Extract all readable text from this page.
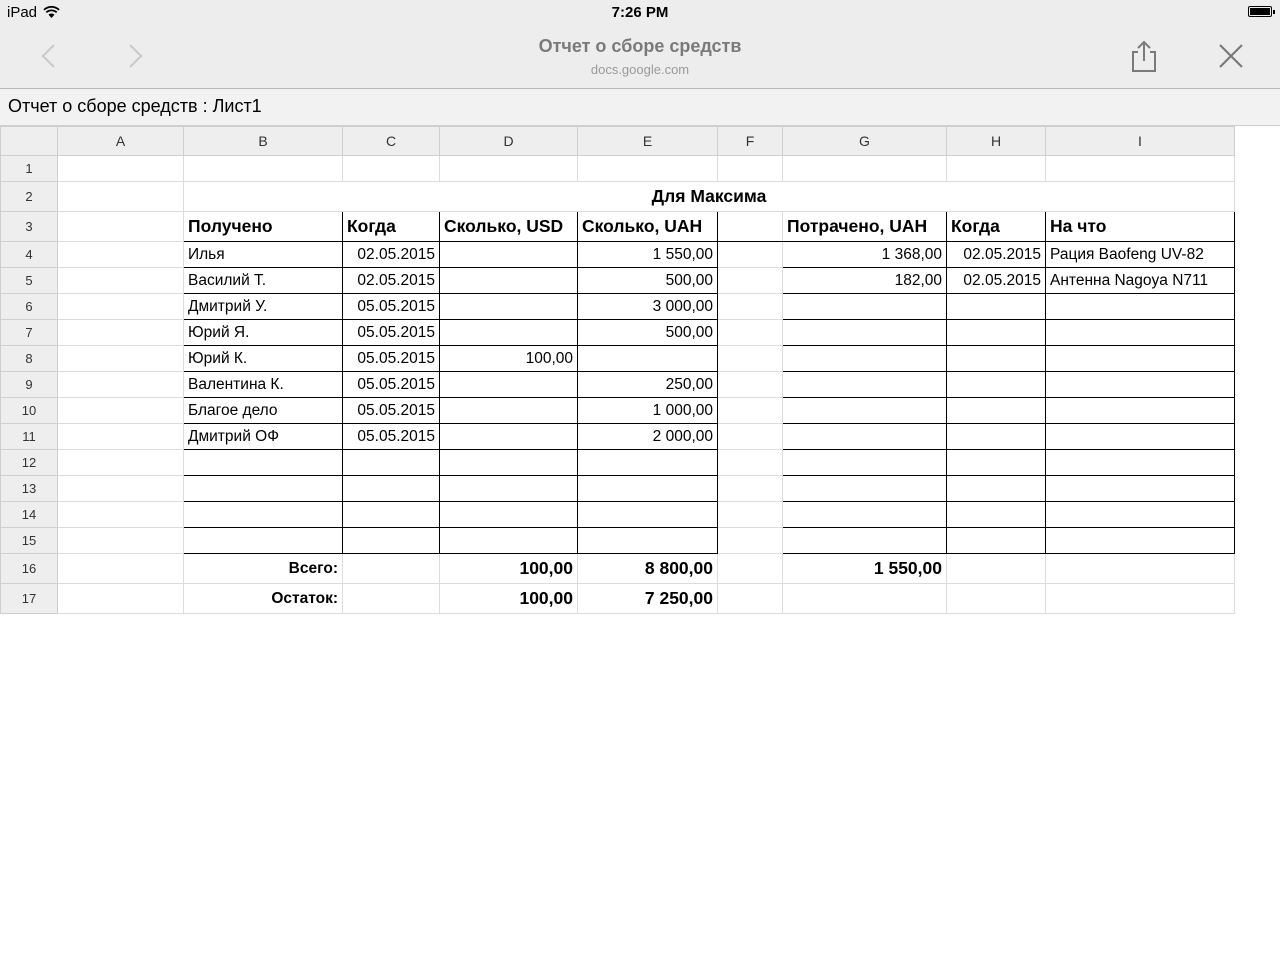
iPad	7:26 PM
Отчет о сборе средств
docs.google.com
Отчет о сборе средств : Лист1
	A	B	C	D	E	F	G	H	I
1									
2		Для Максима							
3		Получено	Когда	Сколько, USD	Сколько, UAH		Потрачено, UAH	Когда	На что
4		Илья	02.05.2015		1 550,00		1 368,00	02.05.2015	Рация Baofeng UV-82
5		Василий Т.	02.05.2015		500,00		182,00	02.05.2015	Антенна Nagoya N711
6		Дмитрий У.	05.05.2015		3 000,00				
7		Юрий Я.	05.05.2015		500,00				
8		Юрий К.	05.05.2015	100,00					
9		Валентина К.	05.05.2015		250,00				
10		Благое дело	05.05.2015		1 000,00				
11		Дмитрий ОФ	05.05.2015		2 000,00				
12									
13									
14									
15									
16		Всего:		100,00	8 800,00		1 550,00		
17		Остаток:		100,00	7 250,00				
